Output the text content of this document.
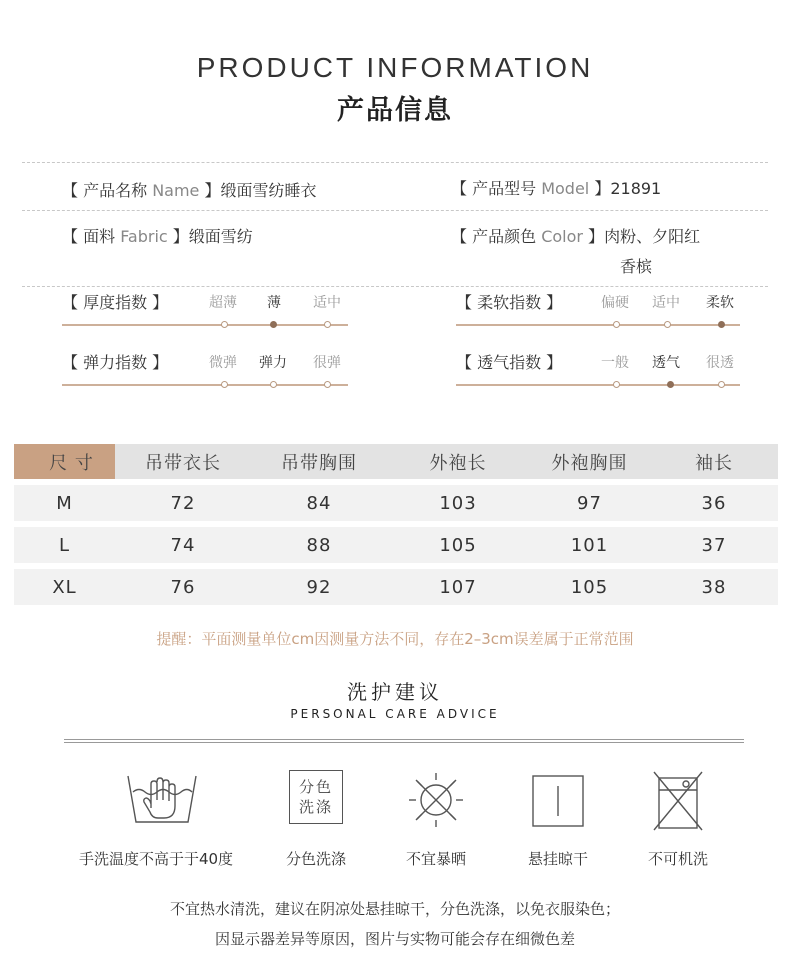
PRODUCT INFORMATION
产品信息
【 产品名称 Name 】缎面雪纺睡衣	【 产品型号 Model 】21891
【 面料 Fabric 】缎面雪纺	【 产品颜色 Color 】肉粉、夕阳红
香槟
【 厚度指数 】	超薄 薄 适中	【 柔软指数 】	偏硬 适中 柔软
【 弹力指数 】	微弹 弹力 很弹	【 透气指数 】	一般 透气 很透
尺 寸	吊带衣长	吊带胸围	外袍长	外袍胸围	袖长
M	72	84	103	97	36
L	74	88	105	101	37
XL	76	92	107	105	38
提醒：平面测量单位cm因测量方法不同，存在2–3cm误差属于正常范围
洗护建议
PERSONAL CARE ADVICE
手洗温度不高于于40度
分色
洗涤
分色洗涤	不宜暴晒	悬挂晾干	不可机洗
不宜热水清洗，建议在阴凉处悬挂晾干，分色洗涤，以免衣服染色；
因显示器差异等原因，图片与实物可能会存在细微色差
